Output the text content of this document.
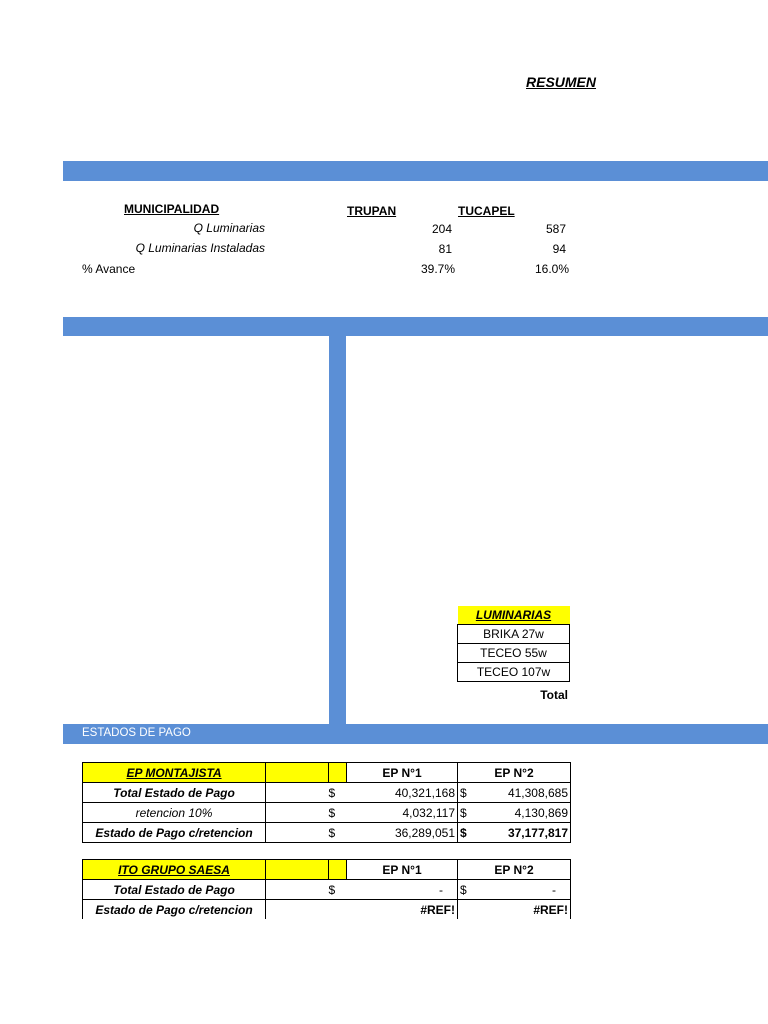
RESUMEN
MUNICIPALIDAD	TRUPAN	TUCAPEL
Q Luminarias	204	587
Q Luminarias Instaladas	81	94
% Avance	39.7%	16.0%
LUMINARIAS
BRIKA 27w
TECEO 55w
TECEO 107w
Total
ESTADOS DE PAGO
EP MONTAJISTA			EP N°1	EP N°2
Total Estado de Pago			$ 40,321,168	$ 41,308,685

retencion 10%			$ 4,032,117	$ 4,130,869

Estado de Pago c/retencion			$ 36,289,051	$ 37,177,817
ITO GRUPO SAESA			EP N°1	EP N°2
Total Estado de Pago			$ -	$ -

Estado de Pago c/retencion			#REF!	#REF!
